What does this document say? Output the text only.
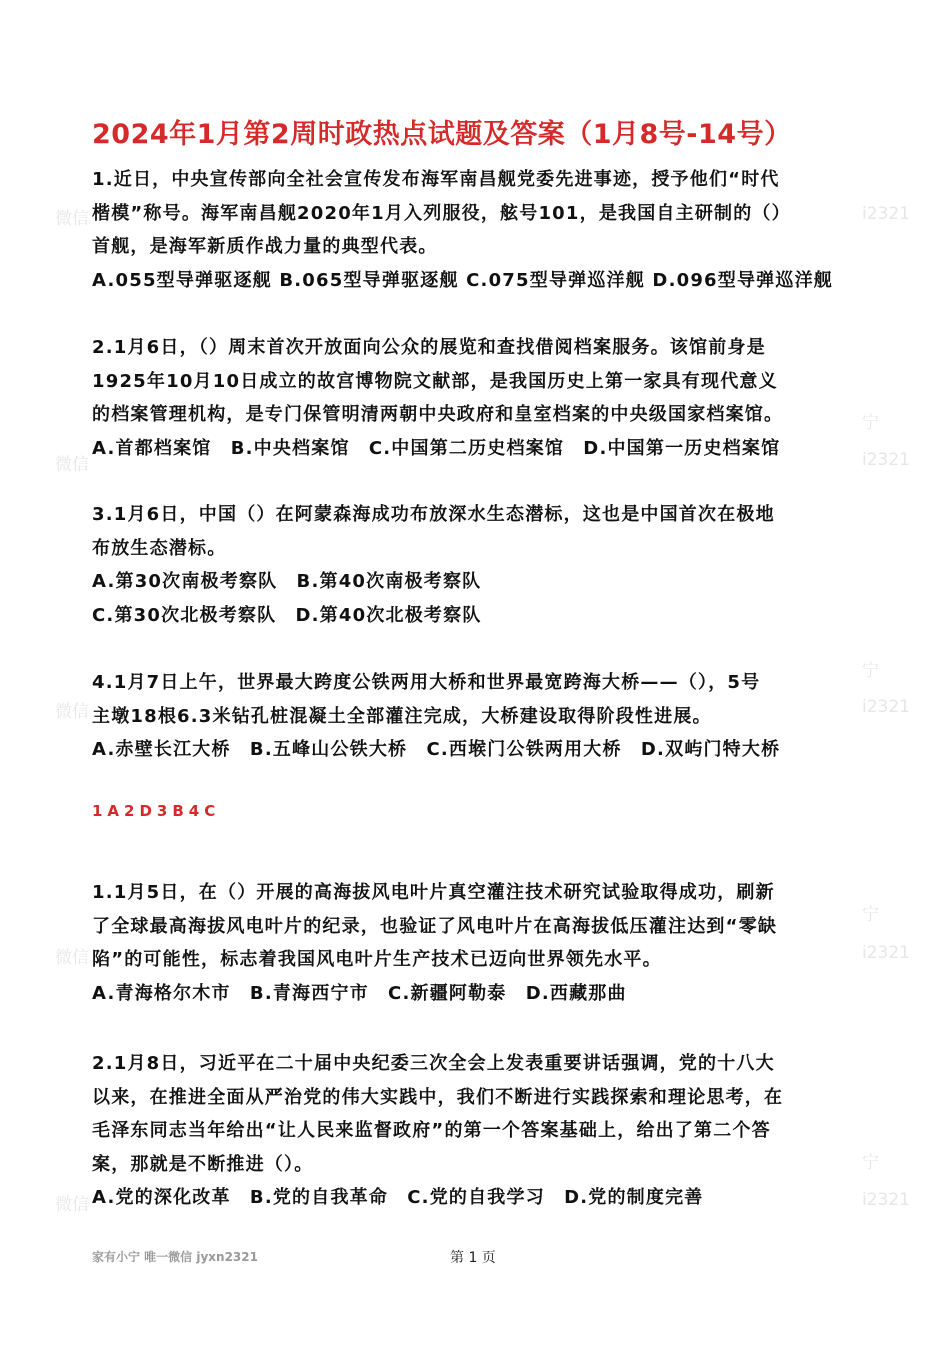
微信	i2321
宁
微信	i2321
宁
微信	i2321
宁
微信	i2321
宁
微信	i2321
2024年1月第2周时政热点试题及答案（1月8号-14号）
1.近日，中央宣传部向全社会宣传发布海军南昌舰党委先进事迹，授予他们“时代
楷模”称号。海军南昌舰2020年1月入列服役，舷号101，是我国自主研制的（）
首舰，是海军新质作战力量的典型代表。
A.055型导弹驱逐舰 B.065型导弹驱逐舰 C.075型导弹巡洋舰 D.096型导弹巡洋舰
2.1月6日，（）周末首次开放面向公众的展览和查找借阅档案服务。该馆前身是
1925年10月10日成立的故宫博物院文献部，是我国历史上第一家具有现代意义
的档案管理机构，是专门保管明清两朝中央政府和皇室档案的中央级国家档案馆。
A.首都档案馆　B.中央档案馆　C.中国第二历史档案馆　D.中国第一历史档案馆
3.1月6日，中国（）在阿蒙森海成功布放深水生态潜标，这也是中国首次在极地
布放生态潜标。
A.第30次南极考察队　B.第40次南极考察队
C.第30次北极考察队　D.第40次北极考察队
4.1月7日上午，世界最大跨度公铁两用大桥和世界最宽跨海大桥——（），5号
主墩18根6.3米钻孔桩混凝土全部灌注完成，大桥建设取得阶段性进展。
A.赤壁长江大桥　B.五峰山公铁大桥　C.西堠门公铁两用大桥　D.双屿门特大桥
1A2D3B4C
1.1月5日，在（）开展的高海拔风电叶片真空灌注技术研究试验取得成功，刷新
了全球最高海拔风电叶片的纪录，也验证了风电叶片在高海拔低压灌注达到“零缺
陷”的可能性，标志着我国风电叶片生产技术已迈向世界领先水平。
A.青海格尔木市　B.青海西宁市　C.新疆阿勒泰　D.西藏那曲
2.1月8日，习近平在二十届中央纪委三次全会上发表重要讲话强调，党的十八大
以来，在推进全面从严治党的伟大实践中，我们不断进行实践探索和理论思考，在
毛泽东同志当年给出“让人民来监督政府”的第一个答案基础上，给出了第二个答
案，那就是不断推进（）。
A.党的深化改革　B.党的自我革命　C.党的自我学习　D.党的制度完善
家有小宁 唯一微信 jyxn2321	第 1 页
